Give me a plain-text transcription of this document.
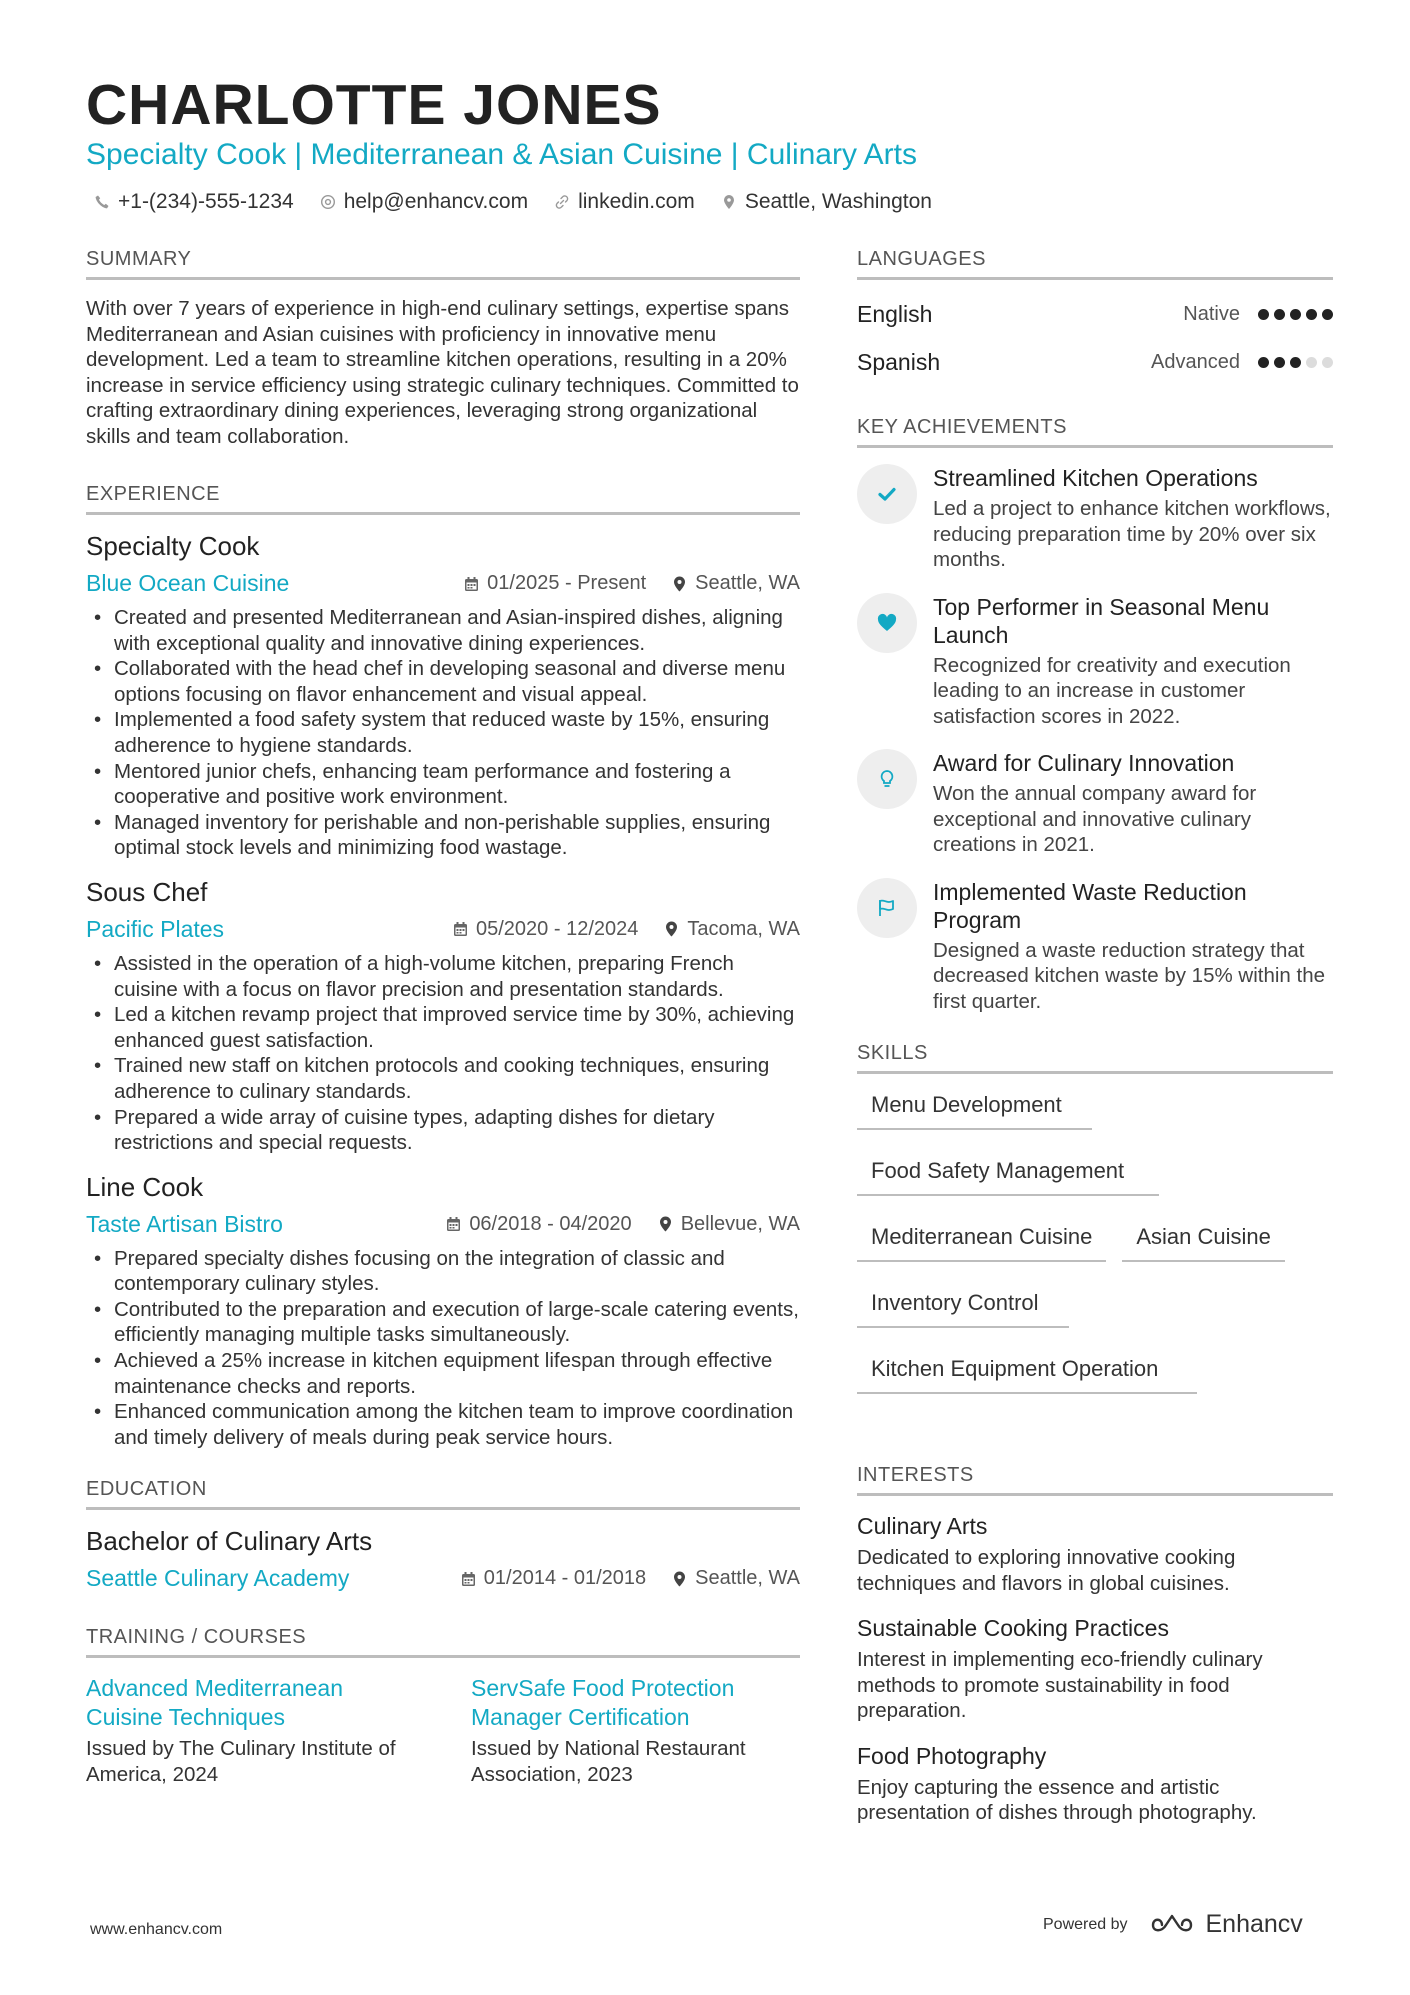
CHARLOTTE JONES
Specialty Cook | Mediterranean & Asian Cuisine | Culinary Arts
+1-(234)-555-1234 help@enhancv.com linkedin.com Seattle, Washington
SUMMARY
With over 7 years of experience in high-end culinary settings, expertise spans Mediterranean and Asian cuisines with proficiency in innovative menu development. Led a team to streamline kitchen operations, resulting in a 20% increase in service efficiency using strategic culinary techniques. Committed to crafting extraordinary dining experiences, leveraging strong organizational skills and team collaboration.
EXPERIENCE
Specialty Cook
Blue Ocean Cuisine	01/2025 - Present Seattle, WA
• Created and presented Mediterranean and Asian-inspired dishes, aligning with exceptional quality and innovative dining experiences.
• Collaborated with the head chef in developing seasonal and diverse menu options focusing on flavor enhancement and visual appeal.
• Implemented a food safety system that reduced waste by 15%, ensuring adherence to hygiene standards.
• Mentored junior chefs, enhancing team performance and fostering a cooperative and positive work environment.
• Managed inventory for perishable and non-perishable supplies, ensuring optimal stock levels and minimizing food wastage.
Sous Chef
Pacific Plates	05/2020 - 12/2024 Tacoma, WA
• Assisted in the operation of a high-volume kitchen, preparing French cuisine with a focus on flavor precision and presentation standards.
• Led a kitchen revamp project that improved service time by 30%, achieving enhanced guest satisfaction.
• Trained new staff on kitchen protocols and cooking techniques, ensuring adherence to culinary standards.
• Prepared a wide array of cuisine types, adapting dishes for dietary restrictions and special requests.
Line Cook
Taste Artisan Bistro	06/2018 - 04/2020 Bellevue, WA
• Prepared specialty dishes focusing on the integration of classic and contemporary culinary styles.
• Contributed to the preparation and execution of large-scale catering events, efficiently managing multiple tasks simultaneously.
• Achieved a 25% increase in kitchen equipment lifespan through effective maintenance checks and reports.
• Enhanced communication among the kitchen team to improve coordination and timely delivery of meals during peak service hours.
EDUCATION
Bachelor of Culinary Arts
Seattle Culinary Academy	01/2014 - 01/2018 Seattle, WA
TRAINING / COURSES
Advanced Mediterranean Cuisine Techniques
Issued by The Culinary Institute of America, 2024
ServSafe Food Protection Manager Certification
Issued by National Restaurant Association, 2023
LANGUAGES
English	Native
Spanish	Advanced
KEY ACHIEVEMENTS
Streamlined Kitchen Operations
Led a project to enhance kitchen workflows, reducing preparation time by 20% over six months.
Top Performer in Seasonal Menu Launch
Recognized for creativity and execution leading to an increase in customer satisfaction scores in 2022.
Award for Culinary Innovation
Won the annual company award for exceptional and innovative culinary creations in 2021.
Implemented Waste Reduction Program
Designed a waste reduction strategy that decreased kitchen waste by 15% within the first quarter.
SKILLS
Menu Development
Food Safety Management
Mediterranean Cuisine	Asian Cuisine
Inventory Control
Kitchen Equipment Operation
INTERESTS
Culinary Arts
Dedicated to exploring innovative cooking techniques and flavors in global cuisines.
Sustainable Cooking Practices
Interest in implementing eco-friendly culinary methods to promote sustainability in food preparation.
Food Photography
Enjoy capturing the essence and artistic presentation of dishes through photography.
www.enhancv.com	Powered by	Enhancv
